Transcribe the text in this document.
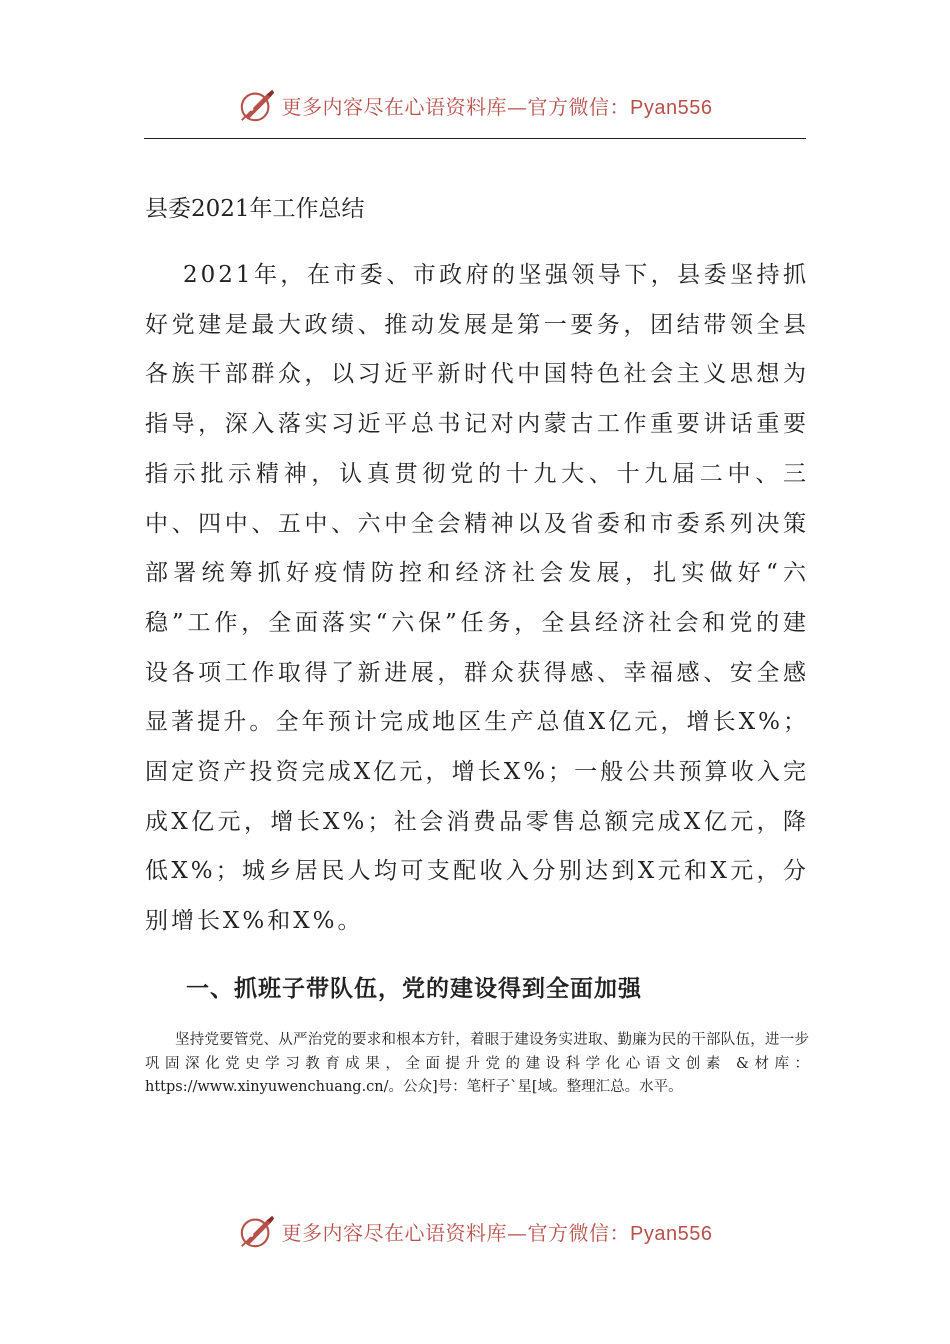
更多内容尽在心语资料库—官方微信：Pyan556
县委2021年工作总结

2021年，在市委、市政府的坚强领导下，县委坚持抓好党建是最大政绩、推动发展是第一要务，团结带领全县各族干部群众，以习近平新时代中国特色社会主义思想为指导，深入落实习近平总书记对内蒙古工作重要讲话重要指示批示精神，认真贯彻党的十九大、十九届二中、三中、四中、五中、六中全会精神以及省委和市委系列决策部署统筹抓好疫情防控和经济社会发展，扎实做好“六稳”工作，全面落实“六保”任务，全县经济社会和党的建设各项工作取得了新进展，群众获得感、幸福感、安全感显著提升。全年预计完成地区生产总值X亿元，增长X%；固定资产投资完成X亿元，增长X%；一般公共预算收入完成X亿元，增长X%；社会消费品零售总额完成X亿元，降低X%；城乡居民人均可支配收入分别达到X元和X元，分别增长X%和X%。

一、抓班子带队伍，党的建设得到全面加强

坚持党要管党、从严治党的要求和根本方针，着眼于建设务实进取、勤廉为民的干部队伍，进一步巩固深化党史学习教育成果，全面提升党的建设科学化心语文创素 &材库：https://www.xinyuwenchuang.cn/。公众]号：笔杆子`星[域。整理汇总。水平。

更多内容尽在心语资料库—官方微信：Pyan556
